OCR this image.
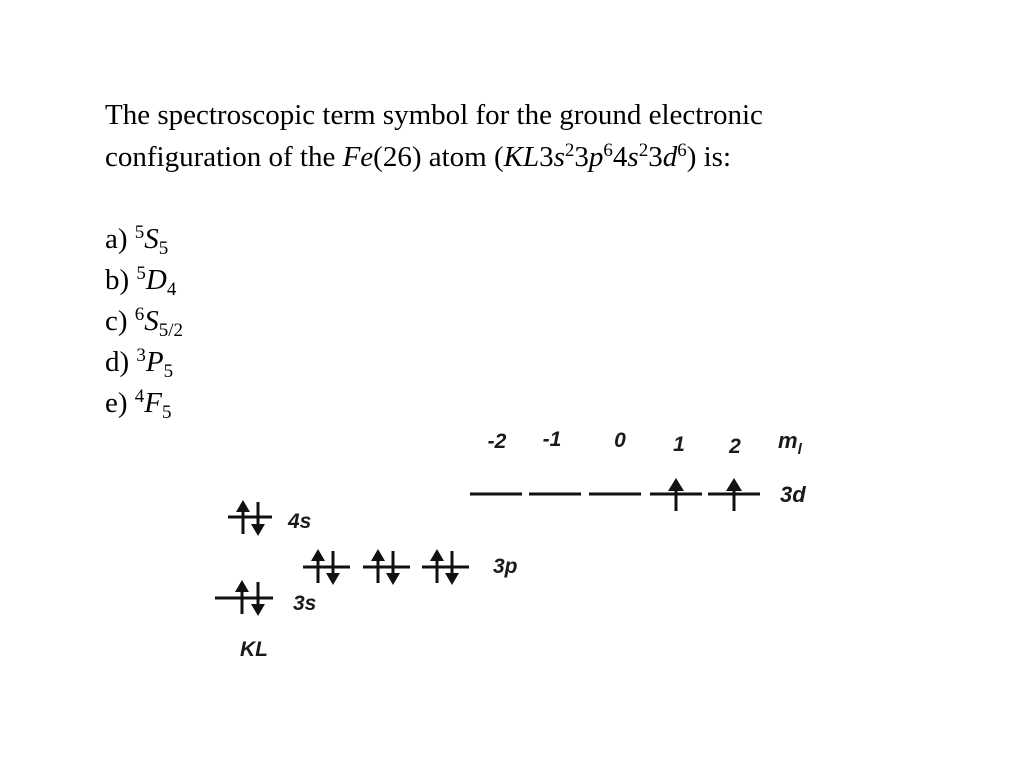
The spectroscopic term symbol for the ground electronic
configuration of the Fe(26) atom $(KL3s^23p^64s^23d^6)$ is:

a) $^5S_5$
b) $^5D_4$
c) $^6S_{5/2}$
d) $^3P_5$
e) $^4F_5$
-2 -1	0 1 2 $m_l$
3d
4s
3p
3s
KL
